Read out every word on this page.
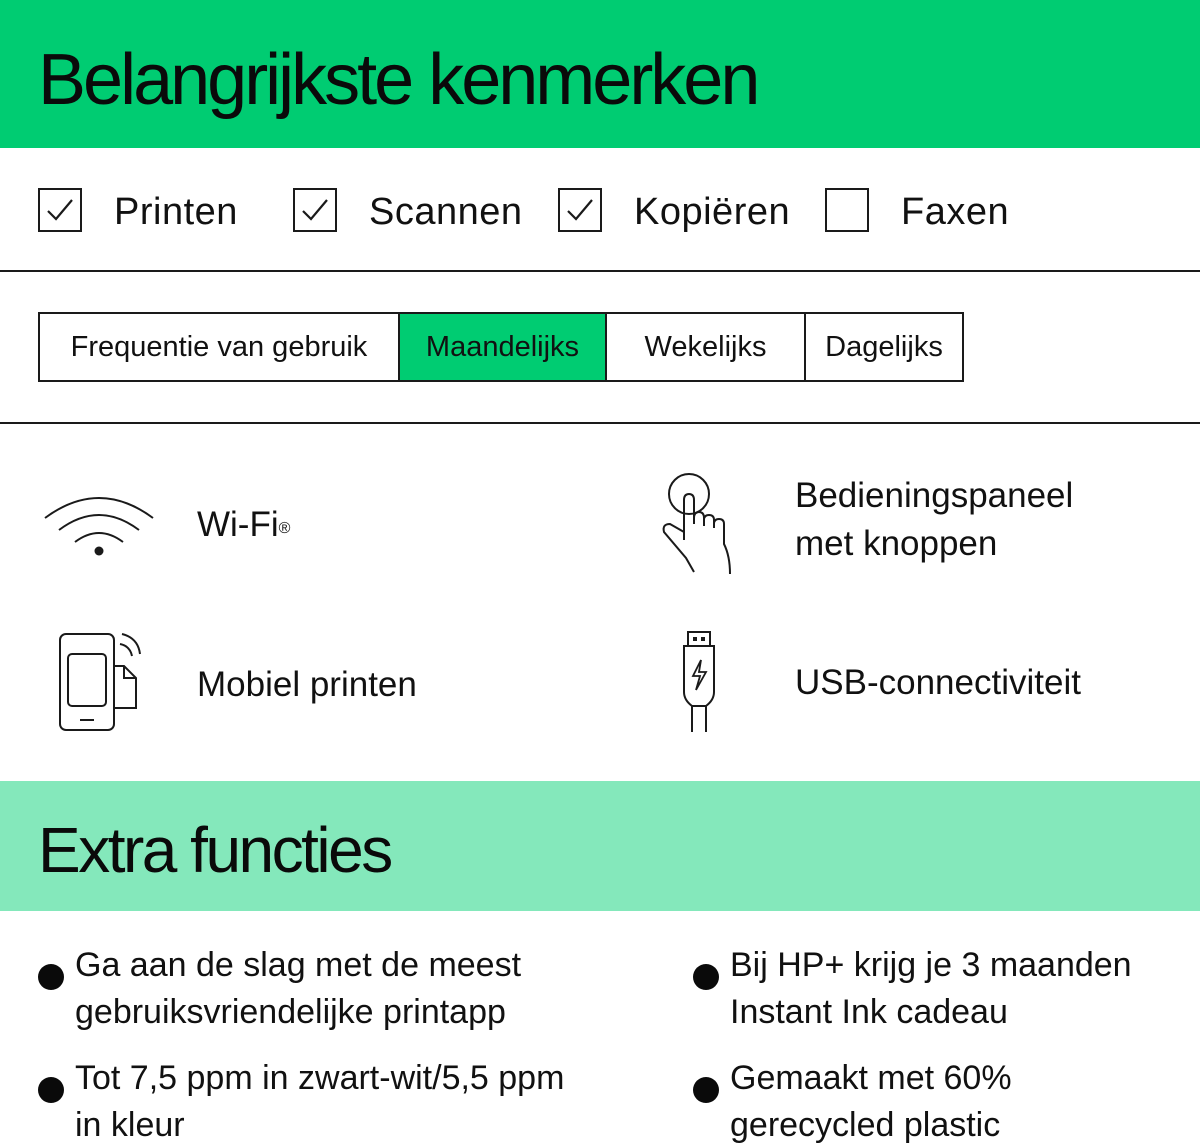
Belangrijkste kenmerken
Printen	Scannen	Kopiëren	Faxen
Frequentie van gebruik	Maandelijks	Wekelijks	Dagelijks
Wi-Fi®
Bedieningspaneel
met knoppen
Mobiel printen	USB-connectiviteit
Extra functies
Ga aan de slag met de meest
gebruiksvriendelijke printapp
Bij HP+ krijg je 3 maanden
Instant Ink cadeau
Tot 7,5 ppm in zwart-wit/5,5 ppm
in kleur
Gemaakt met 60%
gerecycled plastic
